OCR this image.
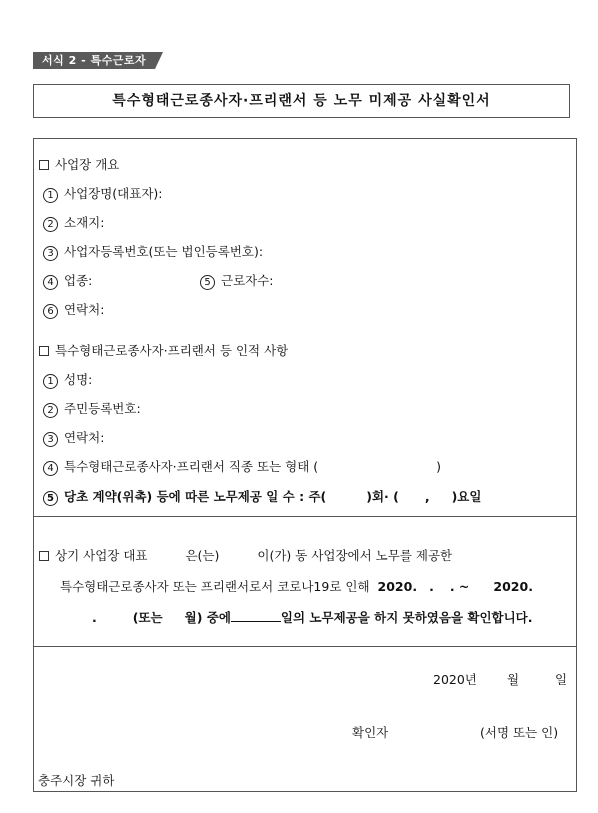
서식 2 - 특수근로자
특수형태근로종사자·프리랜서 등 노무 미제공 사실확인서
사업장 개요
1 사업장명(대표자):
2 소재지:
3 사업자등록번호(또는 법인등록번호):
4 업종:	5 근로자수:
6 연락처:
특수형태근로종사자·프리랜서 등 인적 사항
1 성명:
2 주민등록번호:
3 연락처:
4 특수형태근로종사자·프리랜서 직종 또는 형태 (	)
5 당초 계약(위촉) 등에 따른 노무제공 일 수 : 주(	)회· ( , )요일
상기 사업장 대표	은(는)	이(가) 동 사업장에서 노무를 제공한
특수형태근로종사자 또는 프리랜서로서 코로나19로 인해 2020. . . ~ 2020.
.	(또는 월) 중에	일의 노무제공을 하지 못하였음을 확인합니다.
2020년 월	일
확인자	(서명 또는 인)
충주시장 귀하
